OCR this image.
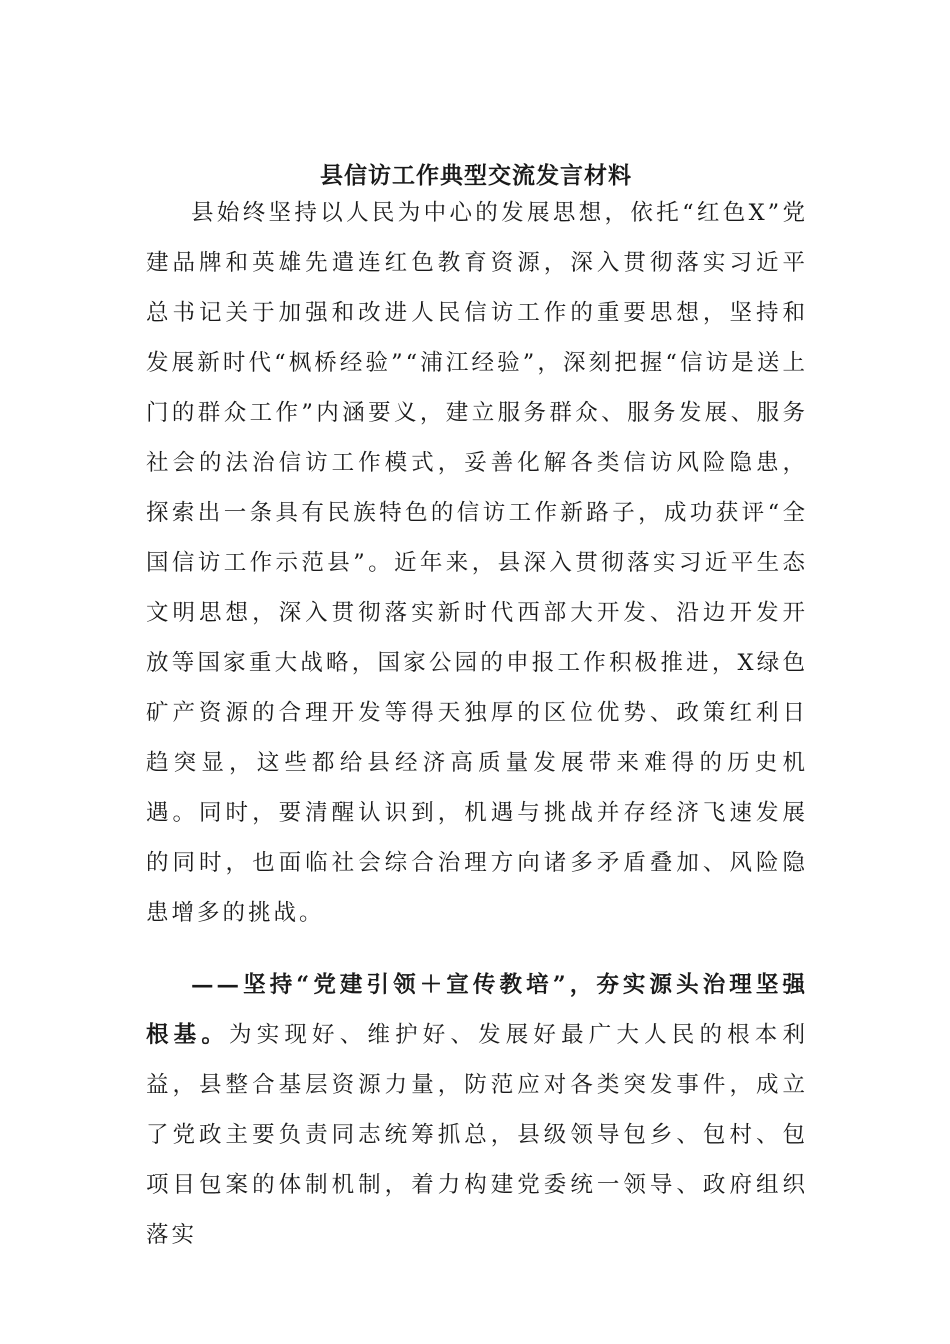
县信访工作典型交流发言材料

县始终坚持以人民为中心的发展思想，依托“红色X”党建品牌和英雄先遣连红色教育资源，深入贯彻落实习近平总书记关于加强和改进人民信访工作的重要思想，坚持和发展新时代“枫桥经验”“浦江经验”，深刻把握“信访是送上门的群众工作”内涵要义，建立服务群众、服务发展、服务社会的法治信访工作模式，妥善化解各类信访风险隐患，探索出一条具有民族特色的信访工作新路子，成功获评“全国信访工作示范县”。近年来，县深入贯彻落实习近平生态文明思想，深入贯彻落实新时代西部大开发、沿边开发开放等国家重大战略，国家公园的申报工作积极推进，X绿色矿产资源的合理开发等得天独厚的区位优势、政策红利日趋突显，这些都给县经济高质量发展带来难得的历史机遇。同时，要清醒认识到，机遇与挑战并存经济飞速发展的同时，也面临社会综合治理方向诸多矛盾叠加、风险隐患增多的挑战。

——坚持“党建引领＋宣传教培”，夯实源头治理坚强根基。为实现好、维护好、发展好最广大人民的根本利益，县整合基层资源力量，防范应对各类突发事件，成立了党政主要负责同志统筹抓总，县级领导包乡、包村、包项目包案的体制机制，着力构建党委统一领导、政府组织落实
